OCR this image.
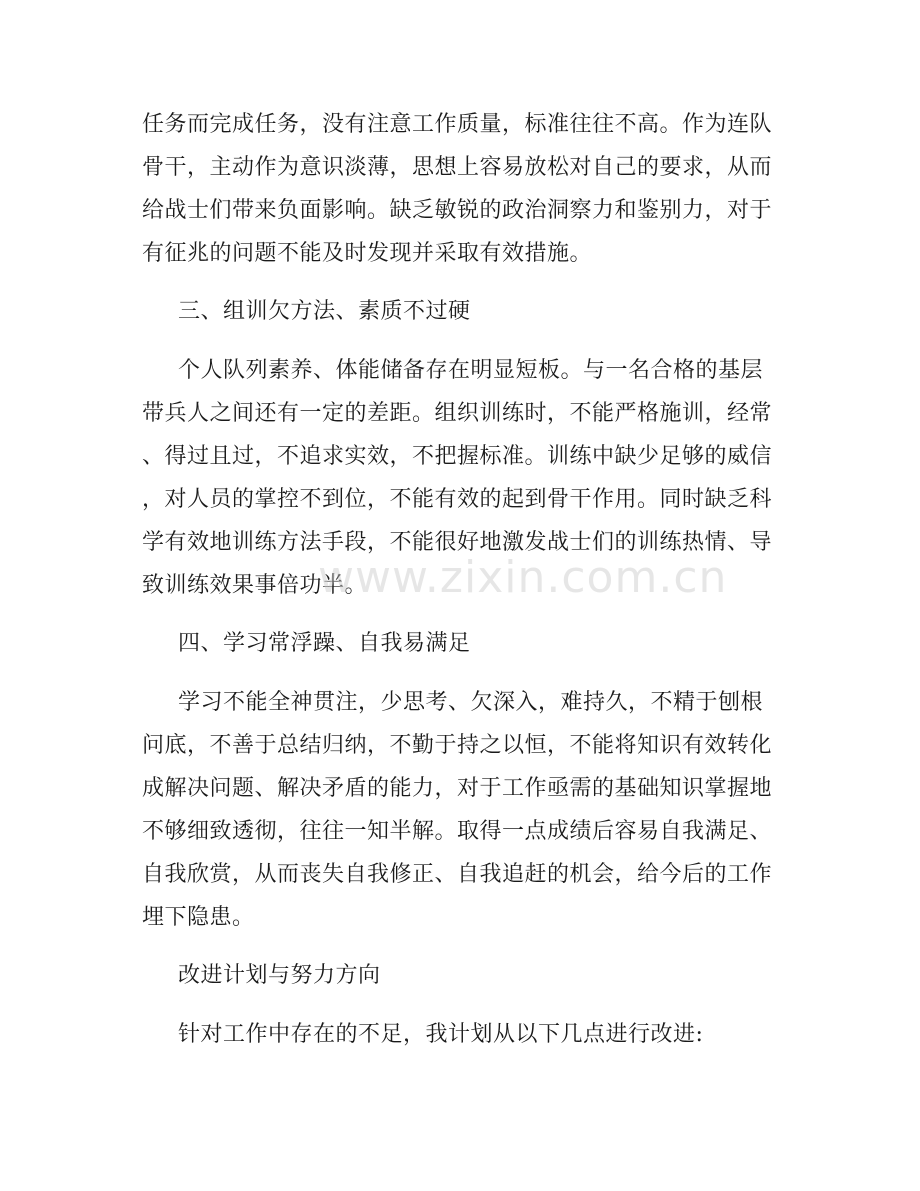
任务而完成任务，没有注意工作质量，标准往往不高。作为连队
骨干，主动作为意识淡薄，思想上容易放松对自己的要求，从而
给战士们带来负面影响。缺乏敏锐的政治洞察力和鉴别力，对于
有征兆的问题不能及时发现并采取有效措施。
三、组训欠方法、素质不过硬
个人队列素养、体能储备存在明显短板。与一名合格的基层
带兵人之间还有一定的差距。组织训练时，不能严格施训，经常
、得过且过，不追求实效，不把握标准。训练中缺少足够的威信
，对人员的掌控不到位，不能有效的起到骨干作用。同时缺乏科
学有效地训练方法手段，不能很好地激发战士们的训练热情、导
致训练效果事倍功半。
四、学习常浮躁、自我易满足
学习不能全神贯注，少思考、欠深入，难持久，不精于刨根
问底，不善于总结归纳，不勤于持之以恒，不能将知识有效转化
成解决问题、解决矛盾的能力，对于工作亟需的基础知识掌握地
不够细致透彻，往往一知半解。取得一点成绩后容易自我满足、
自我欣赏，从而丧失自我修正、自我追赶的机会，给今后的工作
埋下隐患。
改进计划与努力方向
针对工作中存在的不足，我计划从以下几点进行改进:
www.zixin.com.cn
